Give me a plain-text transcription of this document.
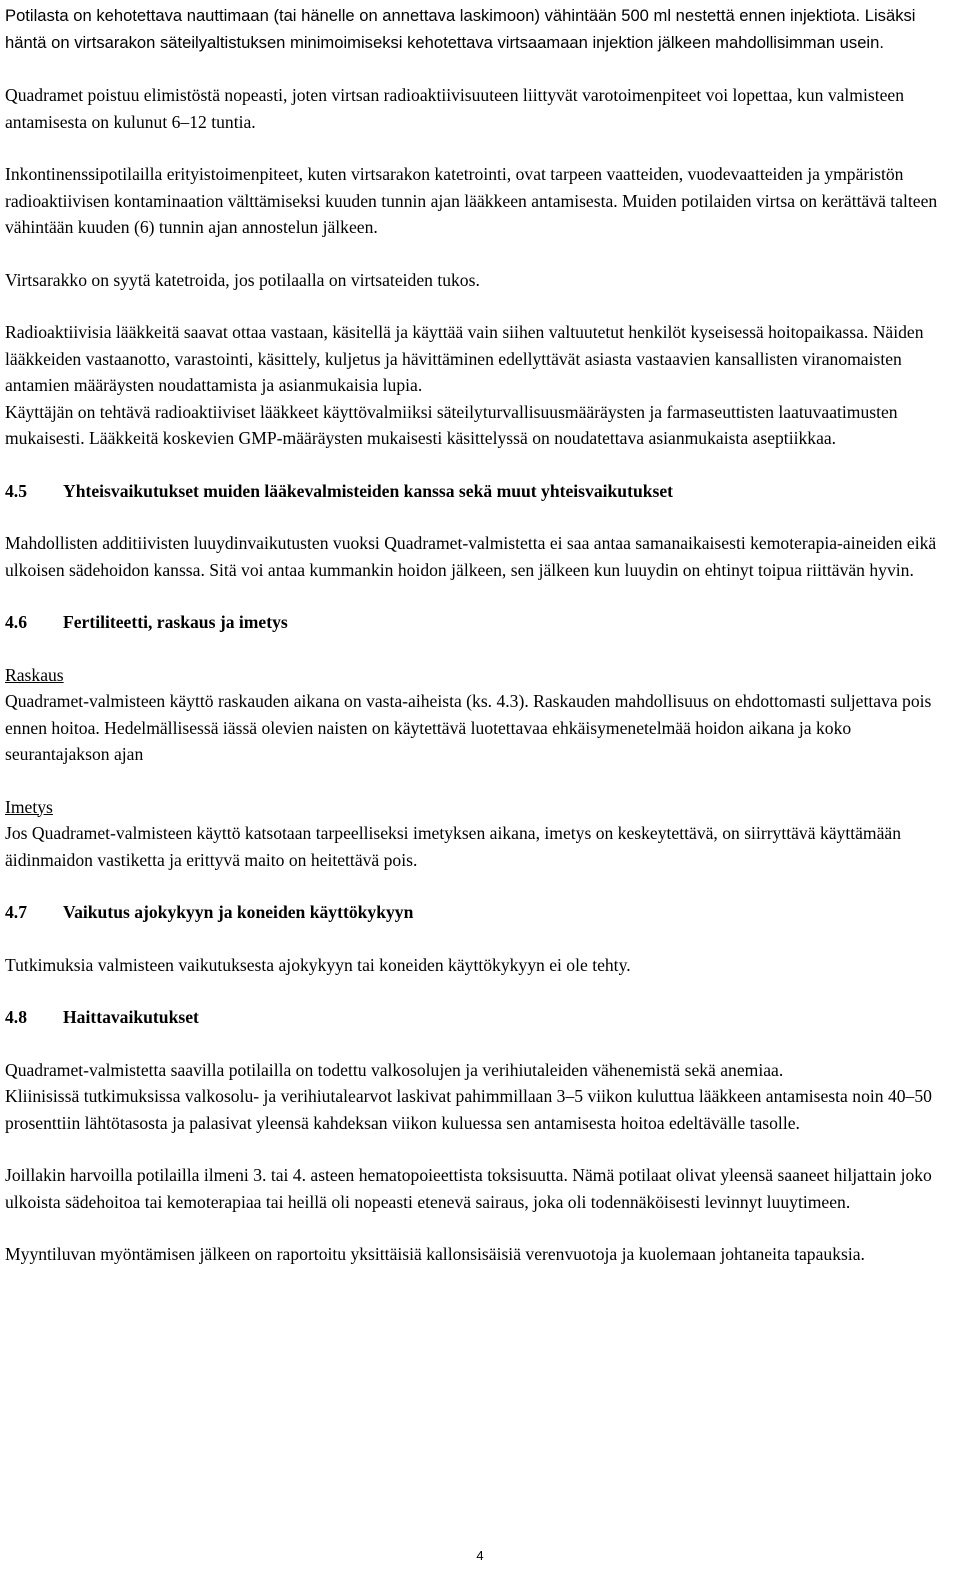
Potilasta on kehotettava nauttimaan (tai hänelle on annettava laskimoon) vähintään 500 ml nestettä ennen injektiota. Lisäksi häntä on virtsarakon säteilyaltistuksen minimoimiseksi kehotettava virtsaamaan injektion jälkeen mahdollisimman usein.

Quadramet poistuu elimistöstä nopeasti, joten virtsan radioaktiivisuuteen liittyvät varotoimenpiteet voi lopettaa, kun valmisteen antamisesta on kulunut 6–12 tuntia.

Inkontinenssipotilailla erityistoimenpiteet, kuten virtsarakon katetrointi, ovat tarpeen vaatteiden, vuodevaatteiden ja ympäristön radioaktiivisen kontaminaation välttämiseksi kuuden tunnin ajan lääkkeen antamisesta. Muiden potilaiden virtsa on kerättävä talteen vähintään kuuden (6) tunnin ajan annostelun jälkeen.

Virtsarakko on syytä katetroida, jos potilaalla on virtsateiden tukos.

Radioaktiivisia lääkkeitä saavat ottaa vastaan, käsitellä ja käyttää vain siihen valtuutetut henkilöt kyseisessä hoitopaikassa. Näiden lääkkeiden vastaanotto, varastointi, käsittely, kuljetus ja hävittäminen edellyttävät asiasta vastaavien kansallisten viranomaisten antamien määräysten noudattamista ja asianmukaisia lupia.

Käyttäjän on tehtävä radioaktiiviset lääkkeet käyttövalmiiksi säteilyturvallisuusmääräysten ja farmaseuttisten laatuvaatimusten mukaisesti. Lääkkeitä koskevien GMP-määräysten mukaisesti käsittelyssä on noudatettava asianmukaista aseptiikkaa.

4.5	Yhteisvaikutukset muiden lääkevalmisteiden kanssa sekä muut yhteisvaikutukset

Mahdollisten additiivisten luuydinvaikutusten vuoksi Quadramet-valmistetta ei saa antaa samanaikaisesti kemoterapia-aineiden eikä ulkoisen sädehoidon kanssa. Sitä voi antaa kummankin hoidon jälkeen, sen jälkeen kun luuydin on ehtinyt toipua riittävän hyvin.

4.6	Fertiliteetti, raskaus ja imetys

Raskaus

Quadramet-valmisteen käyttö raskauden aikana on vasta-aiheista (ks. 4.3). Raskauden mahdollisuus on ehdottomasti suljettava pois ennen hoitoa. Hedelmällisessä iässä olevien naisten on käytettävä luotettavaa ehkäisymenetelmää hoidon aikana ja koko seurantajakson ajan

Imetys

Jos Quadramet-valmisteen käyttö katsotaan tarpeelliseksi imetyksen aikana, imetys on keskeytettävä, on siirryttävä käyttämään äidinmaidon vastiketta ja erittyvä maito on heitettävä pois.

4.7	Vaikutus ajokykyyn ja koneiden käyttökykyyn

Tutkimuksia valmisteen vaikutuksesta ajokykyyn tai koneiden käyttökykyyn ei ole tehty.

4.8	Haittavaikutukset

Quadramet-valmistetta saavilla potilailla on todettu valkosolujen ja verihiutaleiden vähenemistä sekä anemiaa.

Kliinisissä tutkimuksissa valkosolu- ja verihiutalearvot laskivat pahimmillaan 3–5 viikon kuluttua lääkkeen antamisesta noin 40–50 prosenttiin lähtötasosta ja palasivat yleensä kahdeksan viikon kuluessa sen antamisesta hoitoa edeltävälle tasolle.

Joillakin harvoilla potilailla ilmeni 3. tai 4. asteen hematopoieettista toksisuutta. Nämä potilaat olivat yleensä saaneet hiljattain joko ulkoista sädehoitoa tai kemoterapiaa tai heillä oli nopeasti etenevä sairaus, joka oli todennäköisesti levinnyt luuytimeen.

Myyntiluvan myöntämisen jälkeen on raportoitu yksittäisiä kallonsisäisiä verenvuotoja ja kuolemaan johtaneita tapauksia.

4
